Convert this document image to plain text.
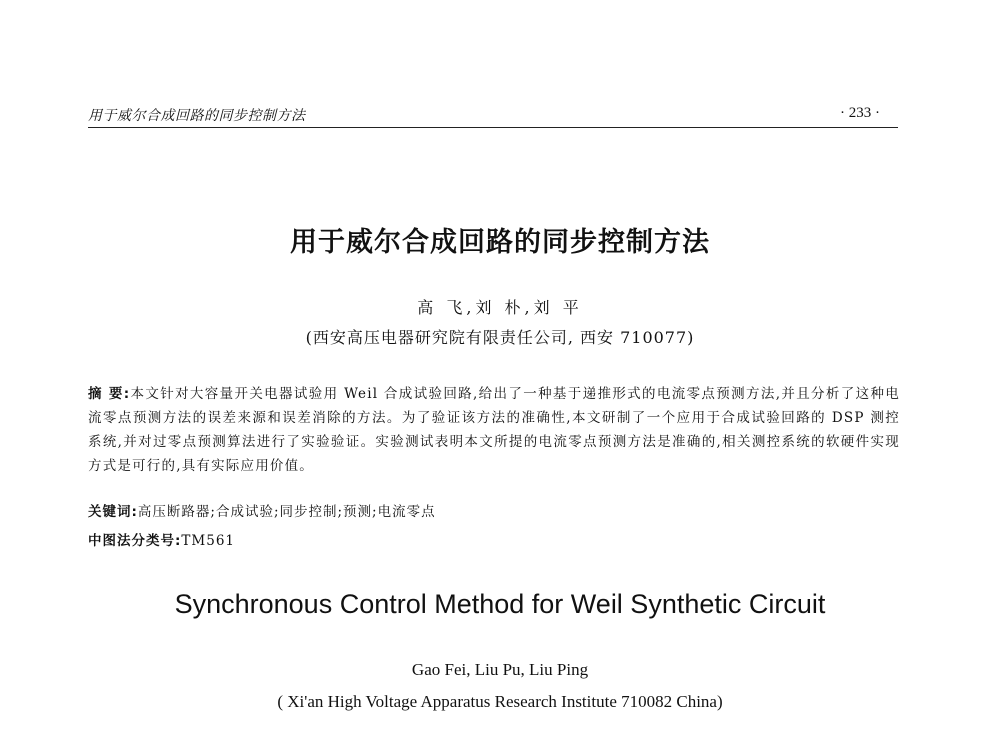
用于威尔合成回路的同步控制方法	· 233 ·
用于威尔合成回路的同步控制方法
高 飞,刘 朴,刘 平
(西安高压电器研究院有限责任公司, 西安 710077)
摘 要:本文针对大容量开关电器试验用 Weil 合成试验回路,给出了一种基于递推形式的电流零点预测方法,并且分析了这种电流零点预测方法的误差来源和误差消除的方法。为了验证该方法的准确性,本文研制了一个应用于合成试验回路的 DSP 测控系统,并对过零点预测算法进行了实验验证。实验测试表明本文所提的电流零点预测方法是准确的,相关测控系统的软硬件实现方式是可行的,具有实际应用价值。
关键词:高压断路器;合成试验;同步控制;预测;电流零点
中图法分类号:TM561
Synchronous Control Method for Weil Synthetic Circuit
Gao Fei, Liu Pu, Liu Ping
( Xi'an High Voltage Apparatus Research Institute 710082 China)
